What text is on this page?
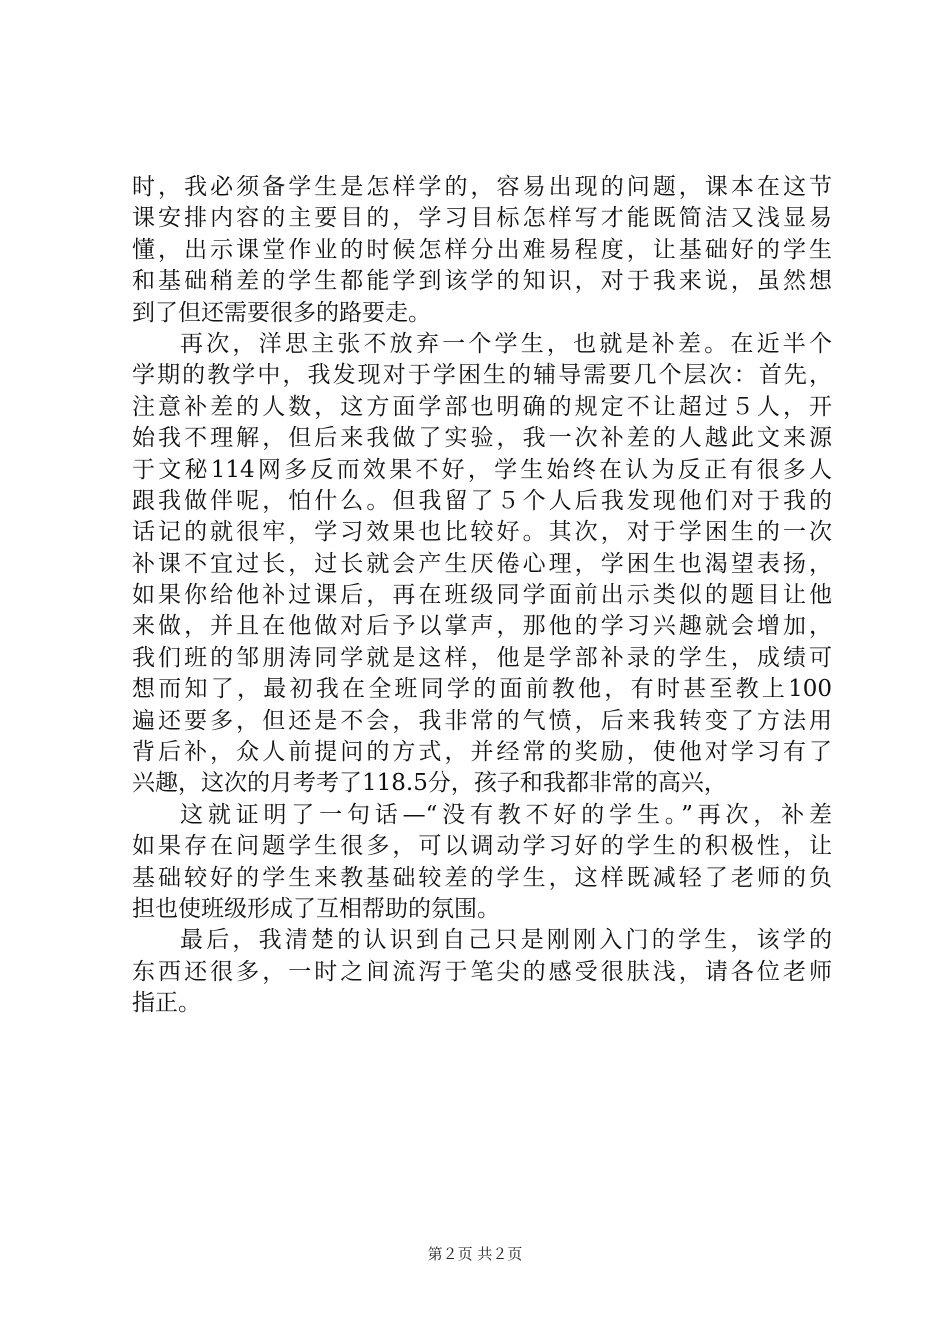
时，我必须备学生是怎样学的，容易出现的问题，课本在这节
课安排内容的主要目的，学习目标怎样写才能既简洁又浅显易
懂，出示课堂作业的时候怎样分出难易程度，让基础好的学生
和基础稍差的学生都能学到该学的知识，对于我来说，虽然想
到了但还需要很多的路要走。
再次，洋思主张不放弃一个学生，也就是补差。在近半个
学期的教学中，我发现对于学困生的辅导需要几个层次：首先，
注意补差的人数，这方面学部也明确的规定不让超过５人，开
始我不理解，但后来我做了实验，我一次补差的人越此文来源
于文秘114网多反而效果不好，学生始终在认为反正有很多人
跟我做伴呢，怕什么。但我留了５个人后我发现他们对于我的
话记的就很牢，学习效果也比较好。其次，对于学困生的一次
补课不宜过长，过长就会产生厌倦心理，学困生也渴望表扬，
如果你给他补过课后，再在班级同学面前出示类似的题目让他
来做，并且在他做对后予以掌声，那他的学习兴趣就会增加，
我们班的邹朋涛同学就是这样，他是学部补录的学生，成绩可
想而知了，最初我在全班同学的面前教他，有时甚至教上100
遍还要多，但还是不会，我非常的气愤，后来我转变了方法用
背后补，众人前提问的方式，并经常的奖励，使他对学习有了
兴趣，这次的月考考了118.5分，孩子和我都非常的高兴，
这就证明了一句话—“没有教不好的学生。”再次，补差
如果存在问题学生很多，可以调动学习好的学生的积极性，让
基础较好的学生来教基础较差的学生，这样既减轻了老师的负
担也使班级形成了互相帮助的氛围。
最后，我清楚的认识到自己只是刚刚入门的学生，该学的
东西还很多，一时之间流泻于笔尖的感受很肤浅，请各位老师
指正。
第２页 共２页
